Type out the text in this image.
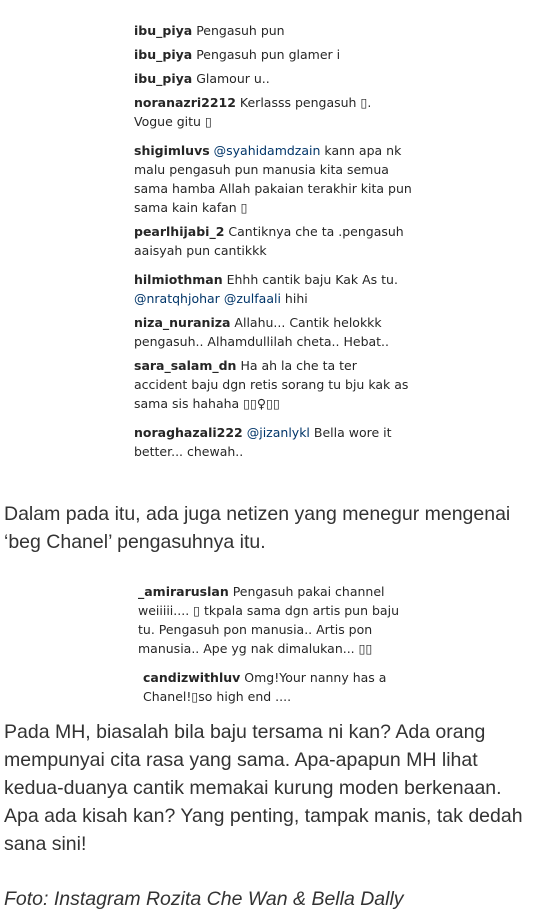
ibu_piya Pengasuh pun

ibu_piya Pengasuh pun glamer i

ibu_piya Glamour u..

noranazri2212 Kerlasss pengasuh ▯. Vogue gitu ▯

shigimluvs @syahidamdzain kann apa nk malu pengasuh pun manusia kita semua sama hamba Allah pakaian terakhir kita pun sama kain kafan ▯

pearlhijabi_2 Cantiknya che ta .pengasuh aaisyah pun cantikkk

hilmiothman Ehhh cantik baju Kak As tu. @nratqhjohar @zulfaali hihi

niza_nuraniza Allahu... Cantik helokkk pengasuh.. Alhamdullilah cheta.. Hebat..

sara_salam_dn Ha ah la che ta ter accident baju dgn retis sorang tu bju kak as sama sis hahaha ▯▯♀▯▯

noraghazali222 @jizanlykl Bella wore it better... chewah..

Dalam pada itu, ada juga netizen yang menegur mengenai ‘beg Chanel’ pengasuhnya itu.

_amiraruslan Pengasuh pakai channel weiiiii.... ▯ tkpala sama dgn artis pun baju tu. Pengasuh pon manusia.. Artis pon manusia.. Ape yg nak dimalukan... ▯▯

candizwithluv Omg!Your nanny has a Chanel!▯so high end ....

Pada MH, biasalah bila baju tersama ni kan? Ada orang mempunyai cita rasa yang sama. Apa-apapun MH lihat kedua-duanya cantik memakai kurung moden berkenaan. Apa ada kisah kan? Yang penting, tampak manis, tak dedah sana sini!

Foto: Instagram Rozita Che Wan & Bella Dally
